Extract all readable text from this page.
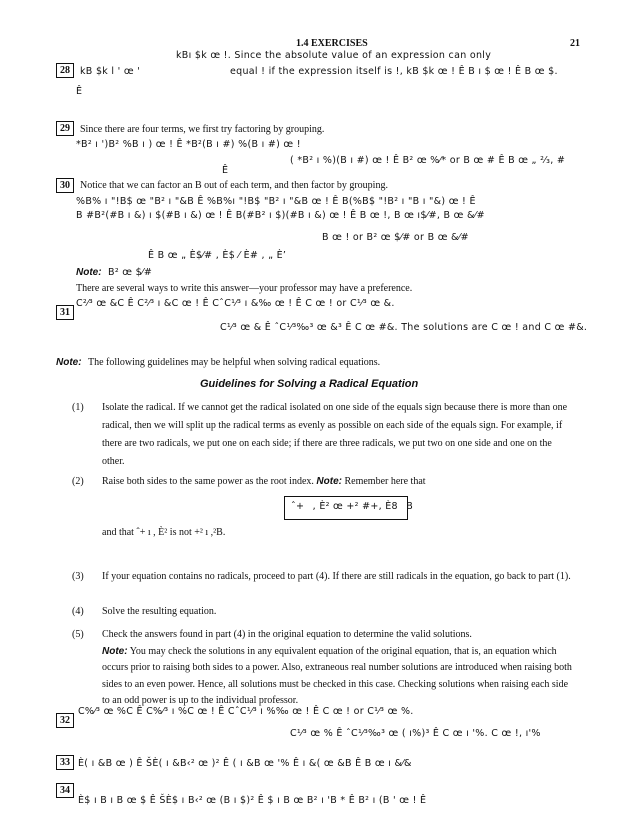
1.4 EXERCISES	21
kBı $k œ !. Since the absolute value of an expression can only
28	kB $k l ' œ '	equal ! if the expression itself is !, kB $k œ ! Ê B ı $ œ ! Ê B œ $.
Ê
29	Since there are four terms, we first try factoring by grouping.
*B² ı ')B² %B ı ) œ ! Ê *B²(B ı #) %(B ı #) œ !
( *B² ı %)(B ı #) œ ! Ê B² œ %⁄* or B œ # Ê B œ „ ²⁄₃, #
Ê
30	Notice that we can factor an B out of each term, and then factor by grouping.
%B% ı "!B$ œ "B² ı "&B Ê %B%ı "!B$ "B² ı "&B œ ! Ê B(%B$ "!B² ı "B ı "&) œ ! Ê
B #B²(#B ı &) ı $(#B ı &) œ ! Ê B(#B² ı $)(#B ı &) œ ! Ê B œ !, B œ ı$⁄#, B œ &⁄#
B œ ! or B² œ $⁄# or B œ &⁄#
Ê B œ „ È$⁄# , È$ ⁄ È# , „ È’
Note: B² œ $⁄#
There are several ways to write this answer—your professor may have a preference.
C²⁄³ œ &C Ê C²⁄³ ı &C œ ! Ê CˆC¹⁄³ ı &‰ œ ! Ê C œ ! or C¹⁄³ œ &.
31
C¹⁄³ œ & Ê ˆC¹⁄³‰³ œ &³ Ê C œ #&. The solutions are C œ ! and C œ #&.
Note: The following guidelines may be helpful when solving radical equations.
Guidelines for Solving a Radical Equation
(1) Isolate the radical. If we cannot get the radical isolated on one side of the equals sign because there is more than one radical, then we will split up the radical terms as evenly as possible on each side of the equals sign. For example, if there are two radicals, we put one on each side; if there are three radicals, we put two on one side and one on the other.
(2) Raise both sides to the same power as the root index. Note: Remember here that
ˆ+  , È² œ +² #+, È8  B
and that ˆ+ ı , È² is not +² ı ,²B.
(3) If your equation contains no radicals, proceed to part (4). If there are still radicals in the equation, go back to part (1).
(4) Solve the resulting equation.
(5) Check the answers found in part (4) in the original equation to determine the valid solutions.
Note: You may check the solutions in any equivalent equation of the original equation, that is, an equation which occurs prior to raising both sides to a power. Also, extraneous real number solutions are introduced when raising both sides to an even power. Hence, all solutions must be checked in this case. Checking solutions when raising each side to an odd power is up to the individual professor.
C%⁄³ œ %C Ê C%⁄³ ı %C œ ! Ê CˆC¹⁄³ ı %‰ œ ! Ê C œ ! or C¹⁄³ œ %.
32
C¹⁄³ œ % Ê ˆC¹⁄³‰³ œ ( ı%)³ Ê C œ ı '%. C œ !, ı'%
33 È( ı &B œ ) Ê ŠÈ( ı &B‹² œ )² Ê ( ı &B œ '% Ê ı &( œ &B Ê B œ ı &⁄&
34
È$ ı B ı B œ $ Ê ŠÈ$ ı B‹² œ (B ı $)² Ê $ ı B œ B² ı 'B * Ê B² ı (B ' œ ! Ê
